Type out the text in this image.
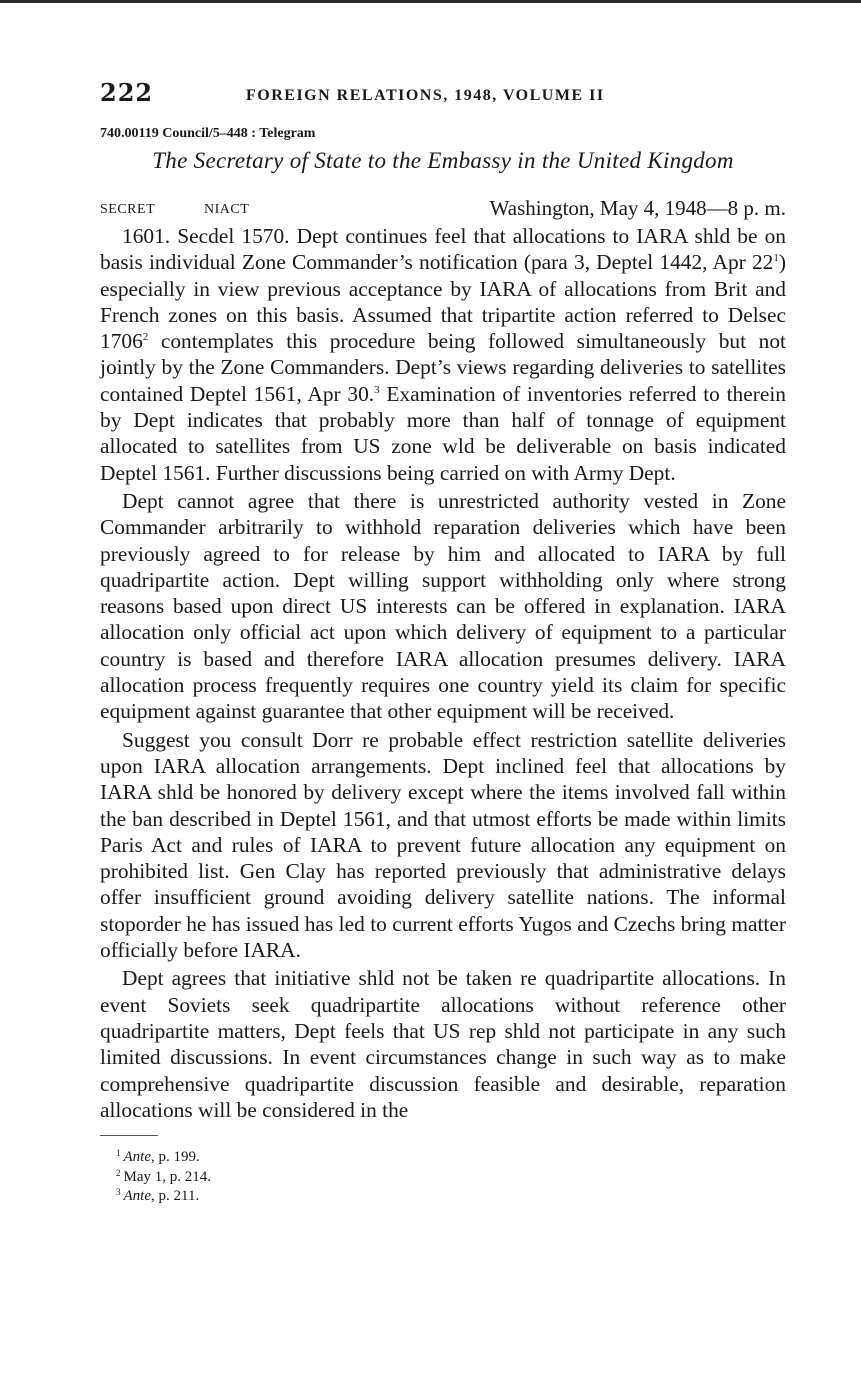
222	FOREIGN RELATIONS, 1948, VOLUME II
740.00119 Council/5–448 : Telegram
The Secretary of State to the Embassy in the United Kingdom
SECRET	NIACT	Washington, May 4, 1948—8 p. m.

1601. Secdel 1570. Dept continues feel that allocations to IARA shld be on basis individual Zone Commander’s notification (para 3, Deptel 1442, Apr $22^1$) especially in view previous acceptance by IARA of allocations from Brit and French zones on this basis. Assumed that tripartite action referred to Delsec 1706$^2$ contemplates this procedure being followed simultaneously but not jointly by the Zone Commanders. Dept’s views regarding deliveries to satellites contained Deptel 1561, Apr 30.$^3$ Examination of inventories referred to therein by Dept indicates that probably more than half of tonnage of equipment allocated to satellites from US zone wld be deliverable on basis indicated Deptel 1561. Further discussions being carried on with Army Dept.

Dept cannot agree that there is unrestricted authority vested in Zone Commander arbitrarily to withhold reparation deliveries which have been previously agreed to for release by him and allocated to IARA by full quadripartite action. Dept willing support withholding only where strong reasons based upon direct US interests can be offered in explanation. IARA allocation only official act upon which delivery of equipment to a particular country is based and therefore IARA allocation presumes delivery. IARA allocation process frequently requires one country yield its claim for specific equipment against guarantee that other equipment will be received.

Suggest you consult Dorr re probable effect restriction satellite deliveries upon IARA allocation arrangements. Dept inclined feel that allocations by IARA shld be honored by delivery except where the items involved fall within the ban described in Deptel 1561, and that utmost efforts be made within limits Paris Act and rules of IARA to prevent future allocation any equipment on prohibited list. Gen Clay has reported previously that administrative delays offer insufficient ground avoiding delivery satellite nations. The informal stoporder he has issued has led to current efforts Yugos and Czechs bring matter officially before IARA.

Dept agrees that initiative shld not be taken re quadripartite allocations. In event Soviets seek quadripartite allocations without reference other quadripartite matters, Dept feels that US rep shld not participate in any such limited discussions. In event circumstances change in such way as to make comprehensive quadripartite discussion feasible and desirable, reparation allocations will be considered in the

$^1$ Ante, p. 199.
$^2$ May 1, p. 214.
$^3$ Ante, p. 211.
